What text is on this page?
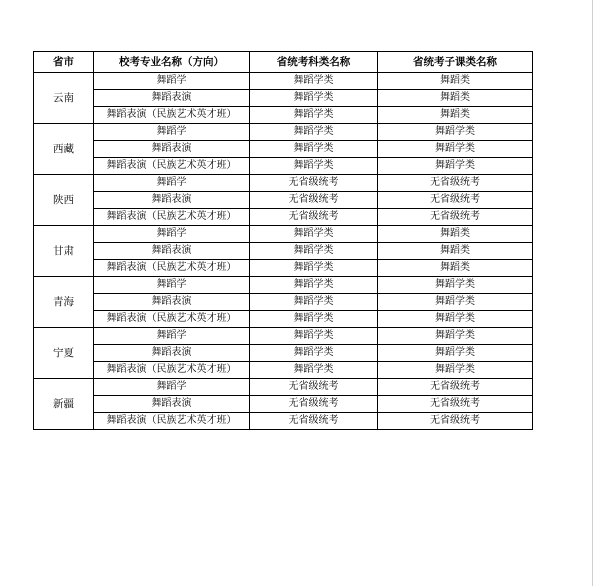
省市	校考专业名称（方向）	省统考科类名称	省统考子课类名称
云南	舞蹈学	舞蹈学类	舞蹈类
	舞蹈表演	舞蹈学类	舞蹈类
	舞蹈表演（民族艺术英才班）	舞蹈学类	舞蹈类
西藏	舞蹈学	舞蹈学类	舞蹈学类
	舞蹈表演	舞蹈学类	舞蹈学类
	舞蹈表演（民族艺术英才班）	舞蹈学类	舞蹈学类
陕西	舞蹈学	无省级统考	无省级统考
	舞蹈表演	无省级统考	无省级统考
	舞蹈表演（民族艺术英才班）	无省级统考	无省级统考
甘肃	舞蹈学	舞蹈学类	舞蹈类
	舞蹈表演	舞蹈学类	舞蹈类
	舞蹈表演（民族艺术英才班）	舞蹈学类	舞蹈类
青海	舞蹈学	舞蹈学类	舞蹈学类
	舞蹈表演	舞蹈学类	舞蹈学类
	舞蹈表演（民族艺术英才班）	舞蹈学类	舞蹈学类
宁夏	舞蹈学	舞蹈学类	舞蹈学类
	舞蹈表演	舞蹈学类	舞蹈学类
	舞蹈表演（民族艺术英才班）	舞蹈学类	舞蹈学类
新疆	舞蹈学	无省级统考	无省级统考
	舞蹈表演	无省级统考	无省级统考
	舞蹈表演（民族艺术英才班）	无省级统考	无省级统考
